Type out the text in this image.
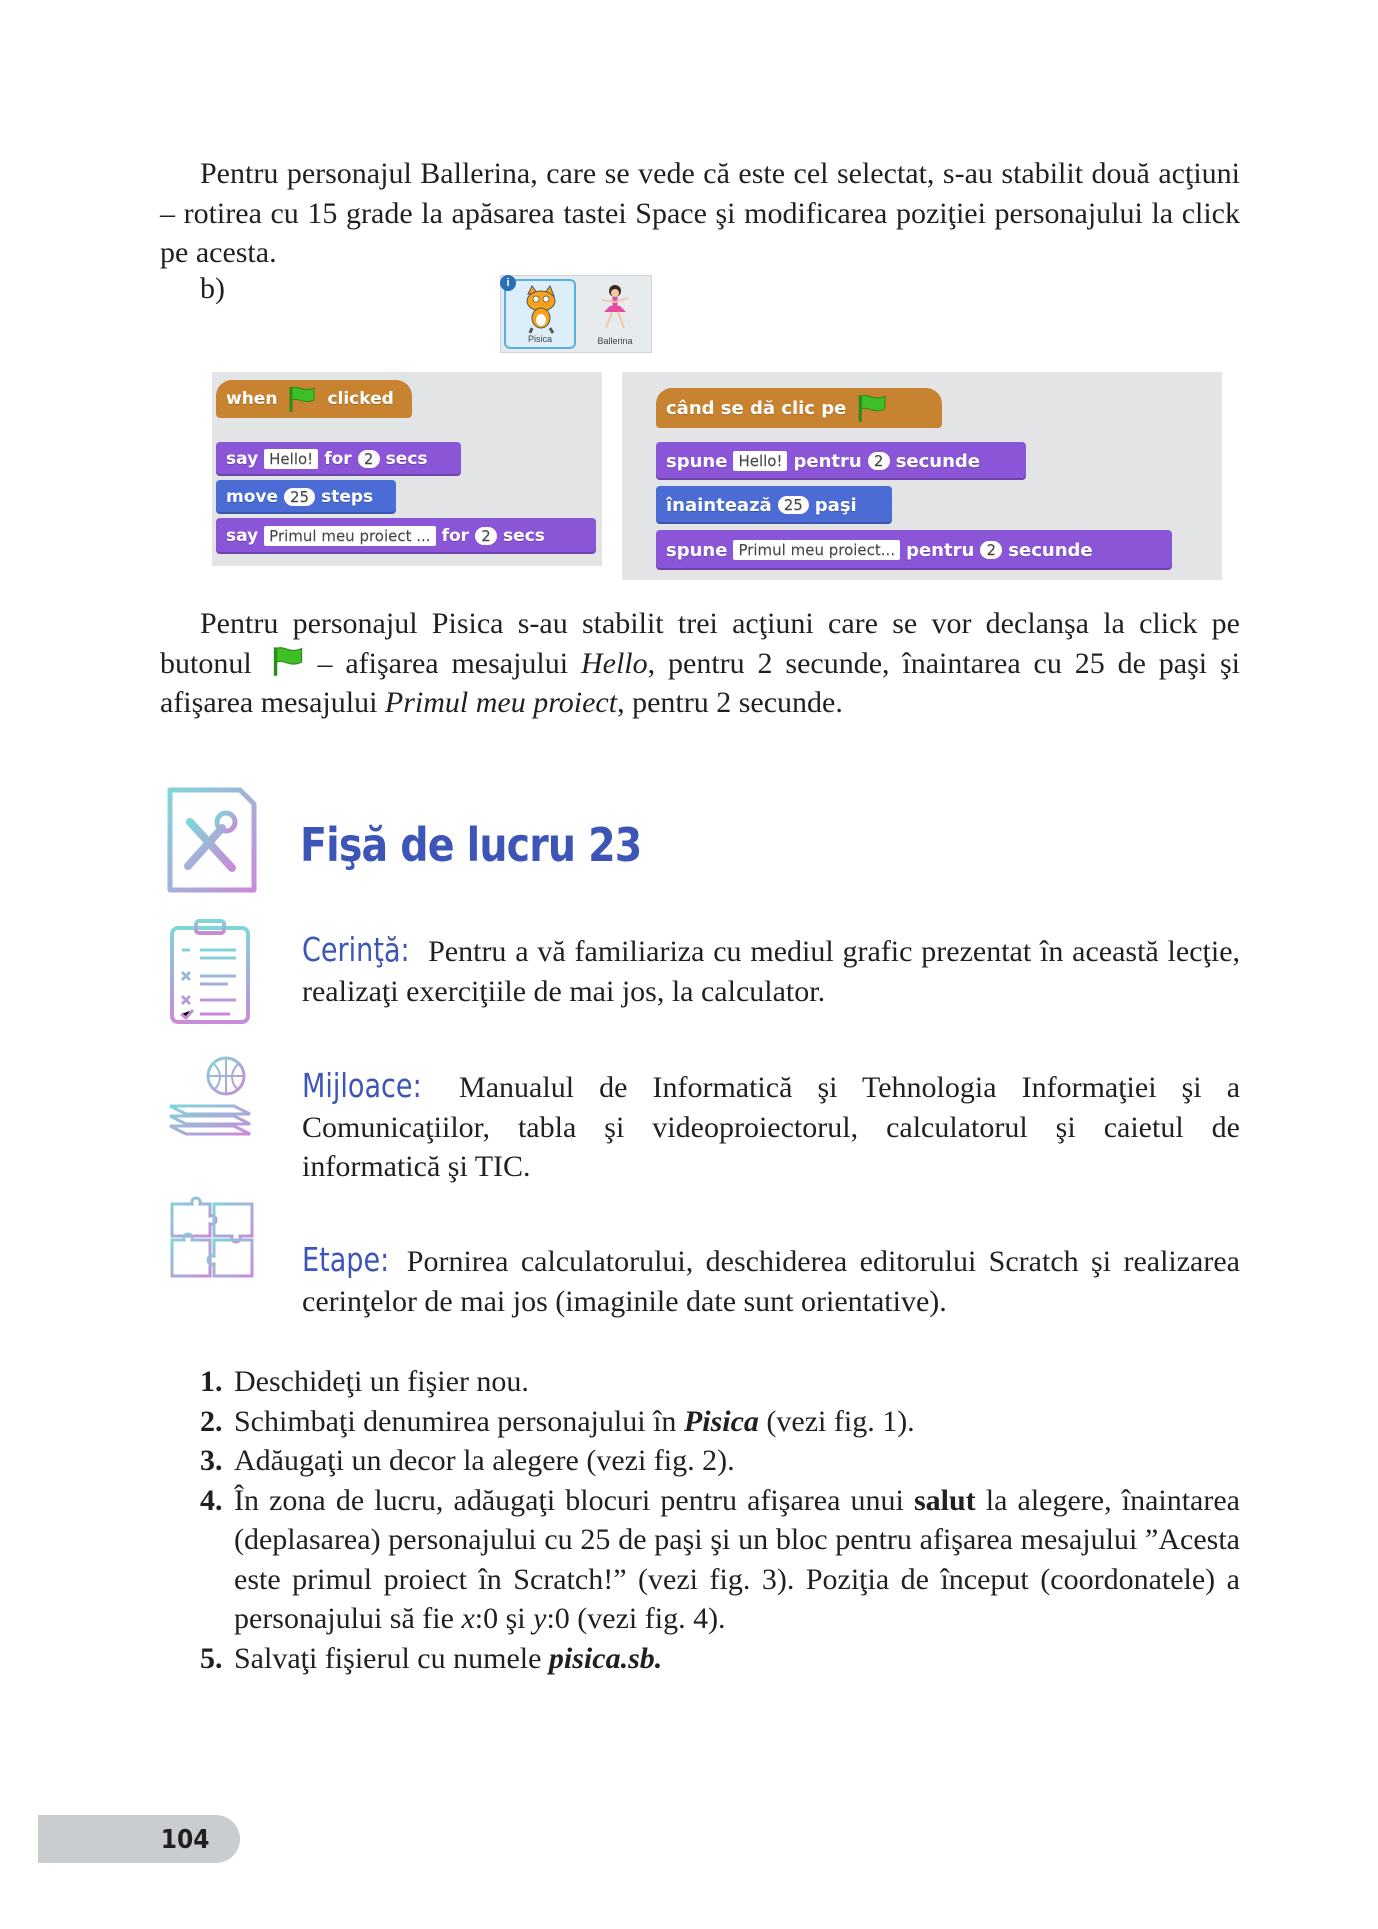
Pentru personajul Ballerina, care se vede că este cel selectat, s-au stabilit două acţiuni – rotirea cu 15 grade la apăsarea tastei Space şi modificarea poziţiei personajului la click pe acesta.
b)	i
Pisica	Ballerina
when	clicked
say Hello! for 2 secs
move 25 steps
say Primul meu proiect ... for 2 secs
când se dă clic pe
spune Hello! pentru 2 secunde
înaintează 25 paşi
spune Primul meu proiect... pentru 2 secunde
Pentru personajul Pisica s-au stabilit trei acţiuni care se vor declanşa la click pe butonul  – afişarea mesajului Hello, pentru 2 secunde, înaintarea cu 25 de paşi şi afişarea mesajului Primul meu proiect, pentru 2 secunde.
Fişă de lucru 23
Cerinţă: Pentru a vă familiariza cu mediul grafic prezentat în această lecţie, realizaţi exerciţiile de mai jos, la calculator.
Mijloace: Manualul de Informatică şi Tehnologia Informaţiei şi a Comunicaţiilor, tabla şi videoproiectorul, calculatorul şi caietul de informatică şi TIC.
Etape: Pornirea calculatorului, deschiderea editorului Scratch şi realizarea cerinţelor de mai jos (imaginile date sunt orientative).
1. Deschideţi un fişier nou.
2. Schimbaţi denumirea personajului în Pisica (vezi fig. 1).
3. Adăugaţi un decor la alegere (vezi fig. 2).
4. În zona de lucru, adăugaţi blocuri pentru afişarea unui salut la alegere, înaintarea (deplasarea) personajului cu 25 de paşi şi un bloc pentru afişarea mesajului ”Acesta este primul proiect în Scratch!” (vezi fig. 3). Poziţia de început (coordonatele) a personajului să fie x:0 şi y:0 (vezi fig. 4).
5. Salvaţi fişierul cu numele pisica.sb.
104
